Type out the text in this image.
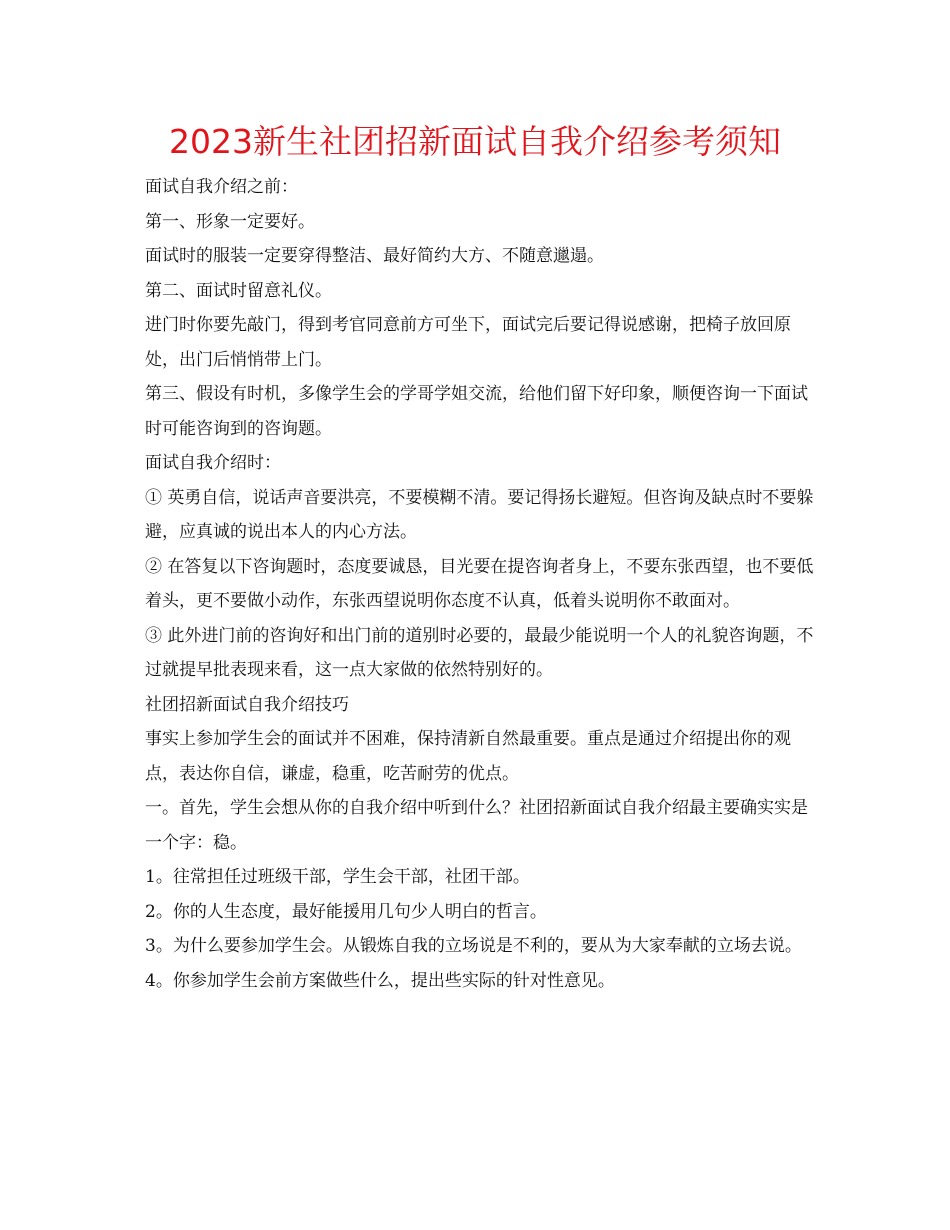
2023新生社团招新面试自我介绍参考须知

面试自我介绍之前：

第一、形象一定要好。

面试时的服装一定要穿得整洁、最好简约大方、不随意邋遢。

第二、面试时留意礼仪。

进门时你要先敲门，得到考官同意前方可坐下，面试完后要记得说感谢，把椅子放回原处，出门后悄悄带上门。

第三、假设有时机，多像学生会的学哥学姐交流，给他们留下好印象，顺便咨询一下面试时可能咨询到的咨询题。

面试自我介绍时：

① 英勇自信，说话声音要洪亮，不要模糊不清。要记得扬长避短。但咨询及缺点时不要躲避，应真诚的说出本人的内心方法。

② 在答复以下咨询题时，态度要诚恳，目光要在提咨询者身上，不要东张西望，也不要低着头，更不要做小动作，东张西望说明你态度不认真，低着头说明你不敢面对。

③ 此外进门前的咨询好和出门前的道别时必要的，最最少能说明一个人的礼貌咨询题，不过就提早批表现来看，这一点大家做的依然特别好的。

社团招新面试自我介绍技巧

事实上参加学生会的面试并不困难，保持清新自然最重要。重点是通过介绍提出你的观点，表达你自信，谦虚，稳重，吃苦耐劳的优点。

一。首先，学生会想从你的自我介绍中听到什么？社团招新面试自我介绍最主要确实实是一个字：稳。

1。往常担任过班级干部，学生会干部，社团干部。

2。你的人生态度，最好能援用几句少人明白的哲言。

3。为什么要参加学生会。从锻炼自我的立场说是不利的，要从为大家奉献的立场去说。

4。你参加学生会前方案做些什么，提出些实际的针对性意见。
